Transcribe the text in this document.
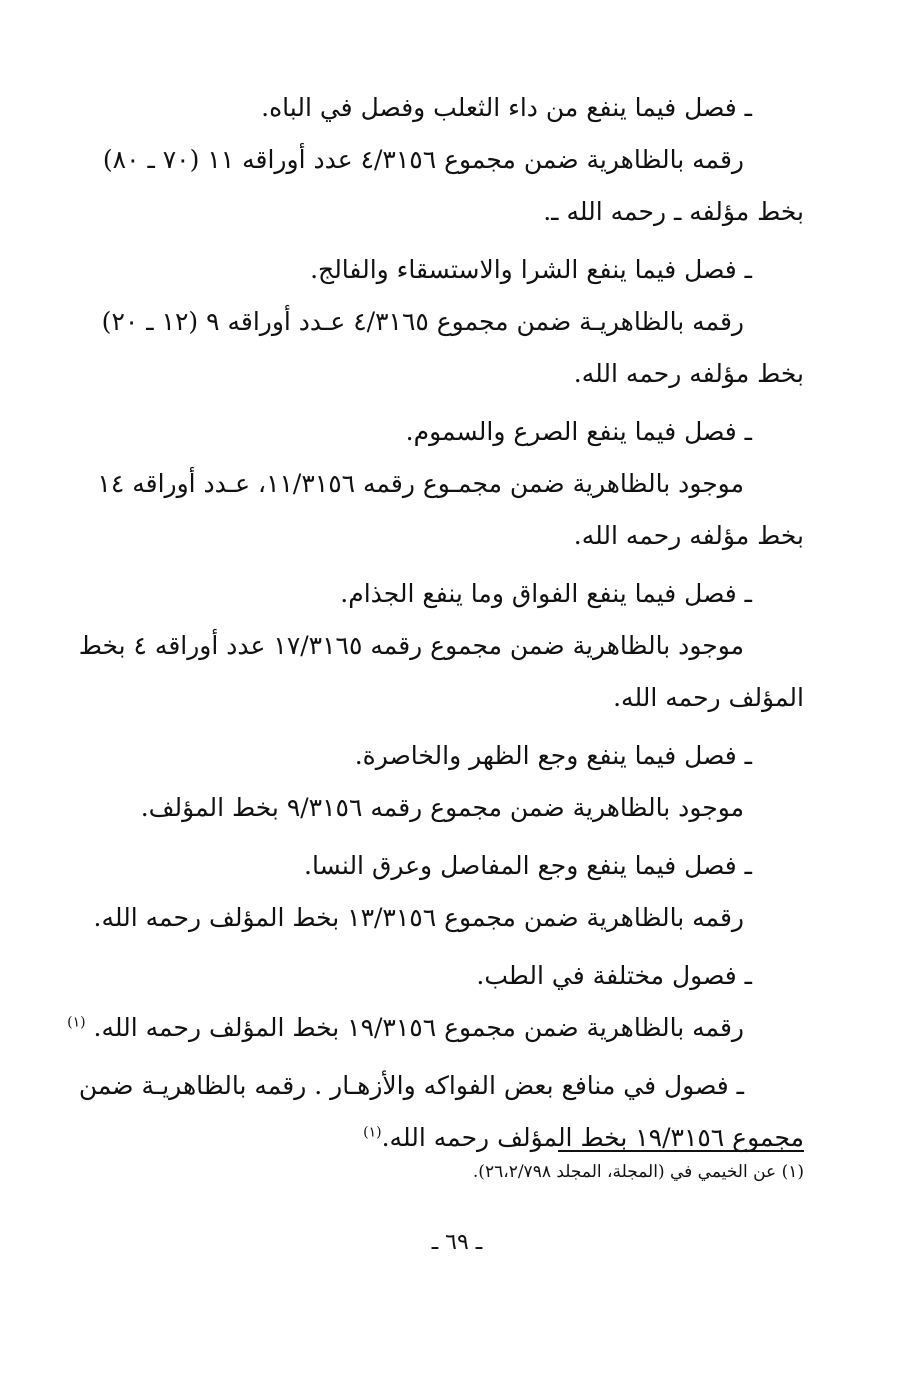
ـ فصل فيما ينفع من داء الثعلب وفصل في الباه.

رقمه بالظاهرية ضمن مجموع ٤/٣١٥٦ عدد أوراقه ١١ (٧٠ ـ ٨٠)

بخط مؤلفه ـ رحمه الله ـ.

ـ فصل فيما ينفع الشرا والاستسقاء والفالج.

رقمه بالظاهريـة ضمن مجموع ٤/٣١٦٥ عـدد أوراقه ٩ (١٢ ـ ٢٠)

بخط مؤلفه رحمه الله.

ـ فصل فيما ينفع الصرع والسموم.

موجود بالظاهرية ضمن مجمـوع رقمه ١١/٣١٥٦، عـدد أوراقه ١٤

بخط مؤلفه رحمه الله.

ـ فصل فيما ينفع الفواق وما ينفع الجذام.

موجود بالظاهرية ضمن مجموع رقمه ١٧/٣١٦٥ عدد أوراقه ٤ بخط

المؤلف رحمه الله.

ـ فصل فيما ينفع وجع الظهر والخاصرة.

موجود بالظاهرية ضمن مجموع رقمه ٩/٣١٥٦ بخط المؤلف.

ـ فصل فيما ينفع وجع المفاصل وعرق النسا.

رقمه بالظاهرية ضمن مجموع ١٣/٣١٥٦ بخط المؤلف رحمه الله.

ـ فصول مختلفة في الطب.

رقمه بالظاهرية ضمن مجموع ١٩/٣١٥٦ بخط المؤلف رحمه الله. $^{(١)}$

ـ فصول في منافع بعض الفواكه والأزهـار . رقمه بالظاهريـة ضمن

مجموع ١٩/٣١٥٦ بخط المؤلف رحمه الله.$^{(١)}$

(١) عن الخيمي في (المجلة، المجلد ٢٦،٢/٧٩٨).
ـ ٦٩ ـ
